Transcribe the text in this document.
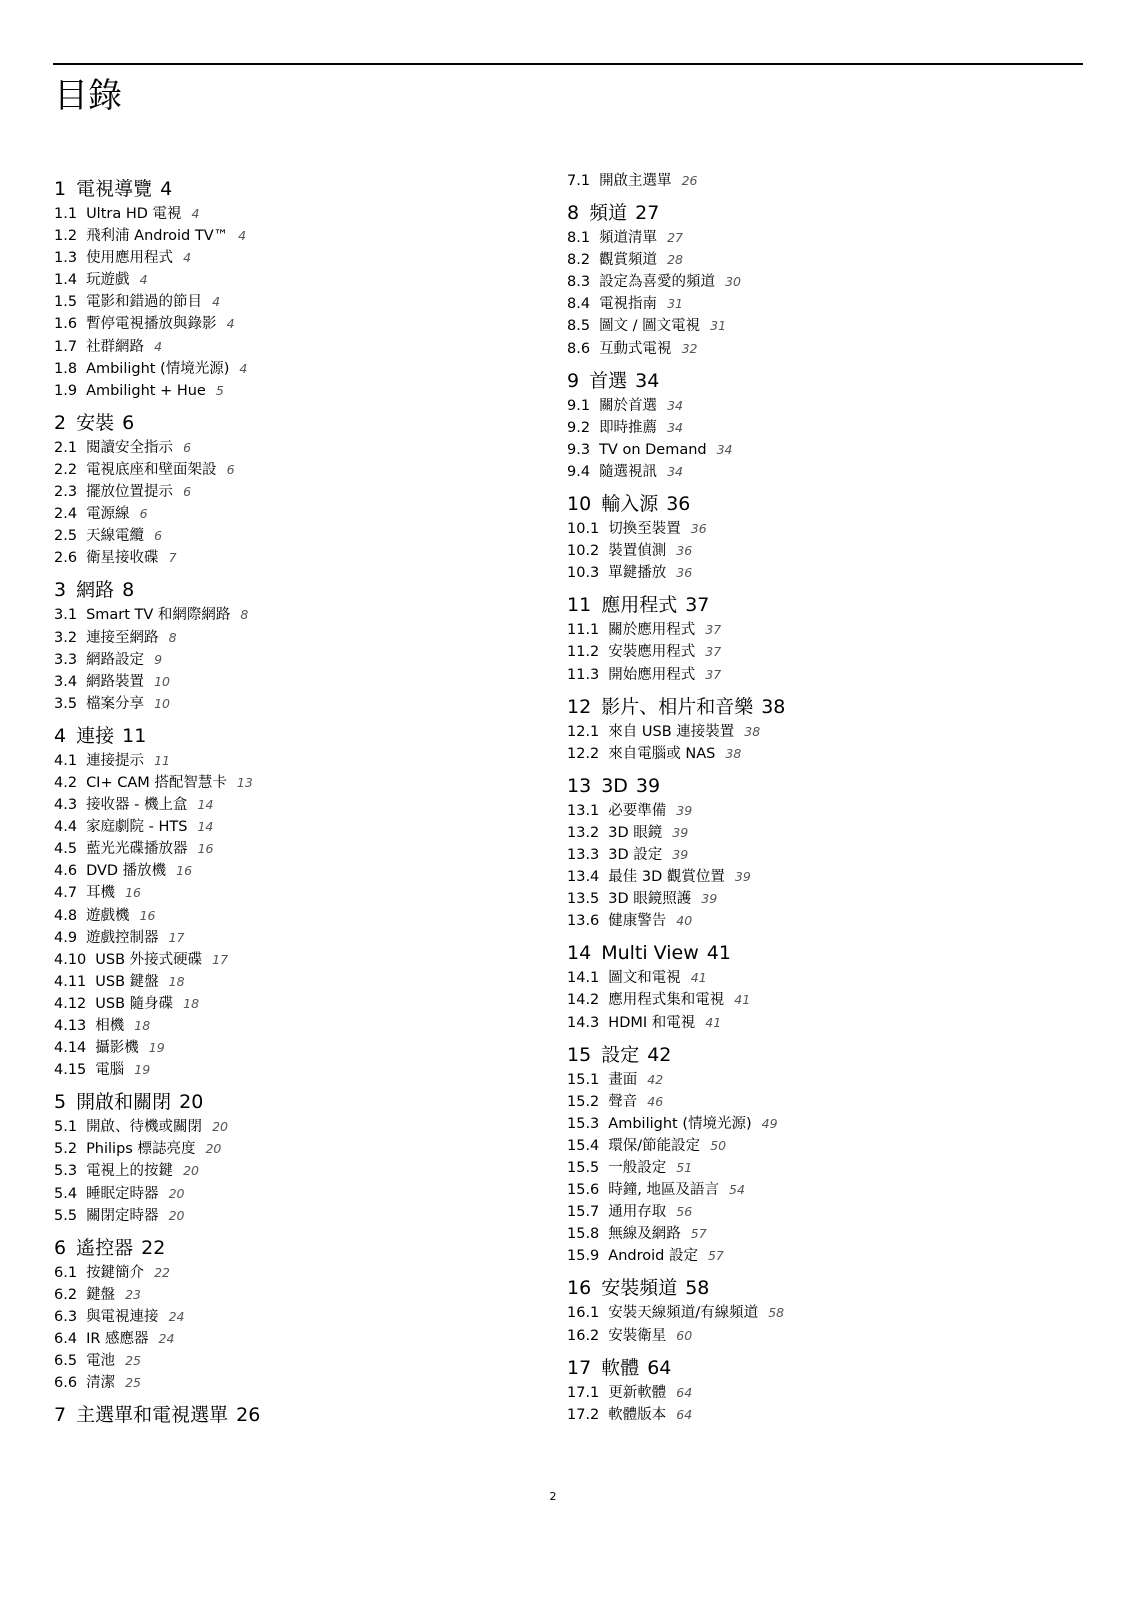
目錄
1 電視導覽 4
1.1 Ultra HD 電視 4
1.2 飛利浦 Android TV™ 4
1.3 使用應用程式 4
1.4 玩遊戲 4
1.5 電影和錯過的節目 4
1.6 暫停電視播放與錄影 4
1.7 社群網路 4
1.8 Ambilight (情境光源) 4
1.9 Ambilight + Hue 5
2 安裝 6
2.1 閱讀安全指示 6
2.2 電視底座和壁面架設 6
2.3 擺放位置提示 6
2.4 電源線 6
2.5 天線電纜 6
2.6 衛星接收碟 7
3 網路 8
3.1 Smart TV 和網際網路 8
3.2 連接至網路 8
3.3 網路設定 9
3.4 網路裝置 10
3.5 檔案分享 10
4 連接 11
4.1 連接提示 11
4.2 CI+ CAM 搭配智慧卡 13
4.3 接收器 - 機上盒 14
4.4 家庭劇院 - HTS 14
4.5 藍光光碟播放器 16
4.6 DVD 播放機 16
4.7 耳機 16
4.8 遊戲機 16
4.9 遊戲控制器 17
4.10 USB 外接式硬碟 17
4.11 USB 鍵盤 18
4.12 USB 隨身碟 18
4.13 相機 18
4.14 攝影機 19
4.15 電腦 19
5 開啟和關閉 20
5.1 開啟、待機或關閉 20
5.2 Philips 標誌亮度 20
5.3 電視上的按鍵 20
5.4 睡眠定時器 20
5.5 關閉定時器 20
6 遙控器 22
6.1 按鍵簡介 22
6.2 鍵盤 23
6.3 與電視連接 24
6.4 IR 感應器 24
6.5 電池 25
6.6 清潔 25
7 主選單和電視選單 26
7.1 開啟主選單 26
8 頻道 27
8.1 頻道清單 27
8.2 觀賞頻道 28
8.3 設定為喜愛的頻道 30
8.4 電視指南 31
8.5 圖文 / 圖文電視 31
8.6 互動式電視 32
9 首選 34
9.1 關於首選 34
9.2 即時推薦 34
9.3 TV on Demand 34
9.4 隨選視訊 34
10 輸入源 36
10.1 切換至裝置 36
10.2 裝置偵測 36
10.3 單鍵播放 36
11 應用程式 37
11.1 關於應用程式 37
11.2 安裝應用程式 37
11.3 開始應用程式 37
12 影片、相片和音樂 38
12.1 來自 USB 連接裝置 38
12.2 來自電腦或 NAS 38
13 3D 39
13.1 必要準備 39
13.2 3D 眼鏡 39
13.3 3D 設定 39
13.4 最佳 3D 觀賞位置 39
13.5 3D 眼鏡照護 39
13.6 健康警告 40
14 Multi View 41
14.1 圖文和電視 41
14.2 應用程式集和電視 41
14.3 HDMI 和電視 41
15 設定 42
15.1 畫面 42
15.2 聲音 46
15.3 Ambilight (情境光源) 49
15.4 環保/節能設定 50
15.5 一般設定 51
15.6 時鐘, 地區及語言 54
15.7 通用存取 56
15.8 無線及網路 57
15.9 Android 設定 57
16 安裝頻道 58
16.1 安裝天線頻道/有線頻道 58
16.2 安裝衛星 60
17 軟體 64
17.1 更新軟體 64
17.2 軟體版本 64
2
